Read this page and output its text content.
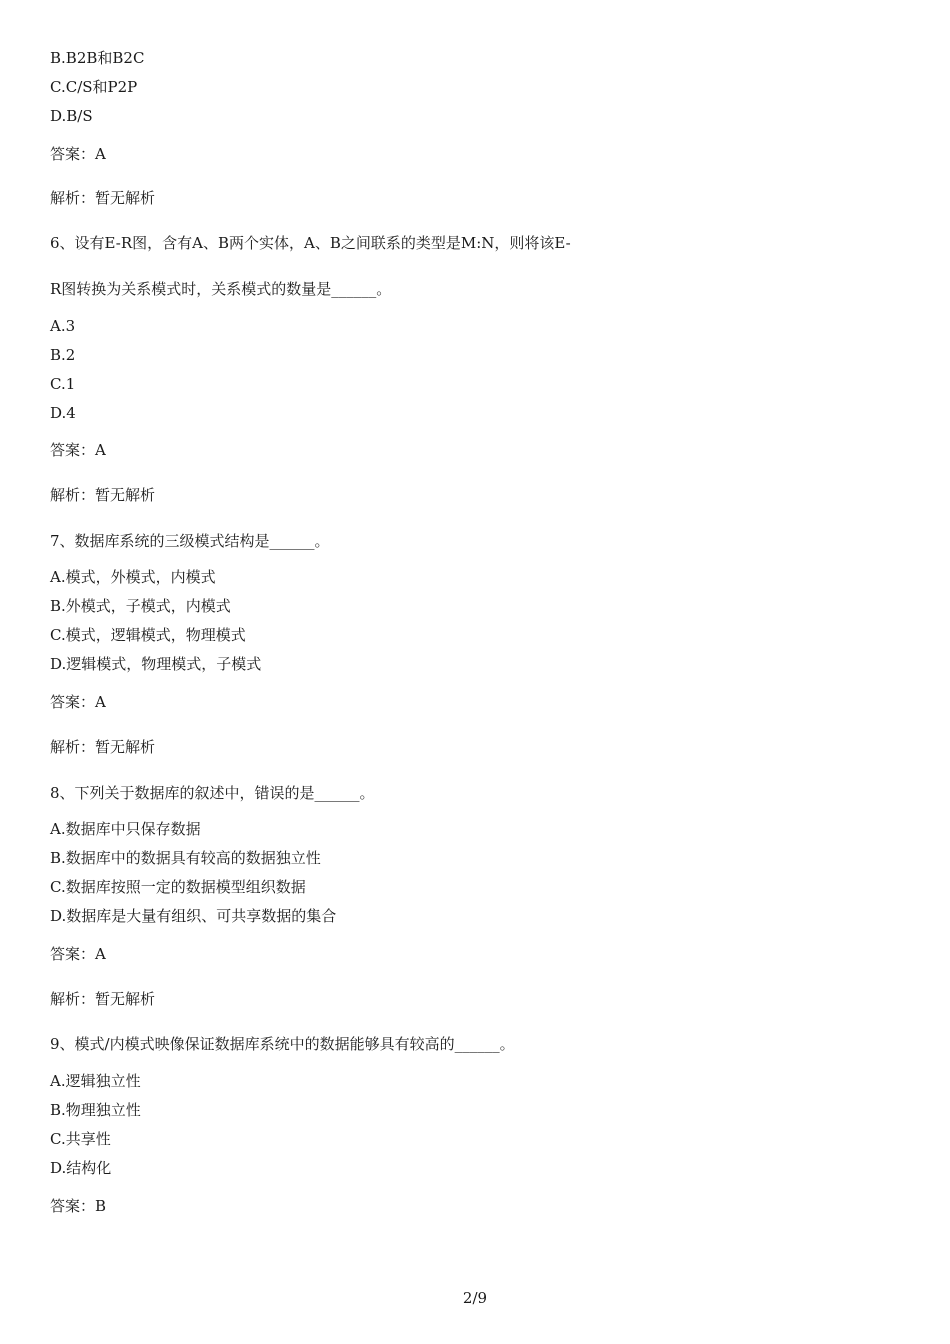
B.B2B和B2C
C.C/S和P2P
D.B/S
答案：A
解析：暂无解析
6、设有E-R图，含有A、B两个实体，A、B之间联系的类型是M:N，则将该E-
R图转换为关系模式时，关系模式的数量是______。
A.3
B.2
C.1
D.4
答案：A
解析：暂无解析
7、数据库系统的三级模式结构是______。
A.模式，外模式，内模式
B.外模式，子模式，内模式
C.模式，逻辑模式，物理模式
D.逻辑模式，物理模式，子模式
答案：A
解析：暂无解析
8、下列关于数据库的叙述中，错误的是______。
A.数据库中只保存数据
B.数据库中的数据具有较高的数据独立性
C.数据库按照一定的数据模型组织数据
D.数据库是大量有组织、可共享数据的集合
答案：A
解析：暂无解析
9、模式/内模式映像保证数据库系统中的数据能够具有较高的______。
A.逻辑独立性
B.物理独立性
C.共享性
D.结构化
答案：B
2/9
